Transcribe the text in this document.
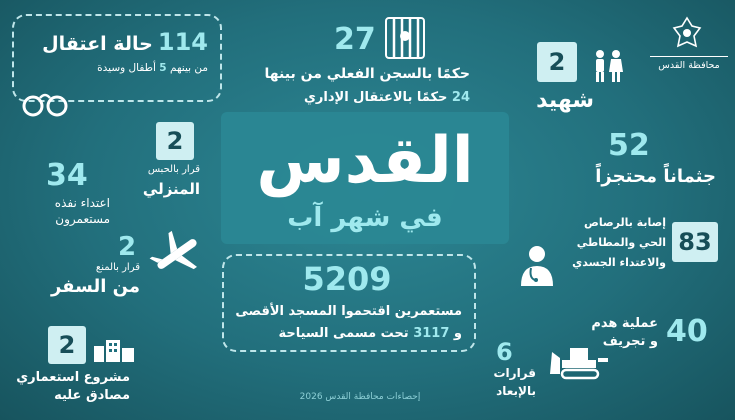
القدس
في شهر آب
114 حالة اعتقال
من بينهم 5 أطفال وسيدة
27
حكمًا بالسجن الفعلي من بينها
24 حكمًا بالاعتقال الإداري
2
شهيد
محافظة القدس
2
قرار بالحبس
المنزلي
52
جثماناً محتجزاً
34
اعتداء نفذه
مستعمرون
2
قرار بالمنع
من السفر
إصابة بالرصاص
الحي والمطاطي
والاعتداء الجسدي
83
5209
مستعمرين اقتحموا المسجد الأقصى
و 3117 تحت مسمى السياحة
عملية هدم
و تجريف 40
2
مشروع استعماري
مصادق عليه
6
قرارات
بالإبعاد
إحصاءات محافظة القدس 2026
